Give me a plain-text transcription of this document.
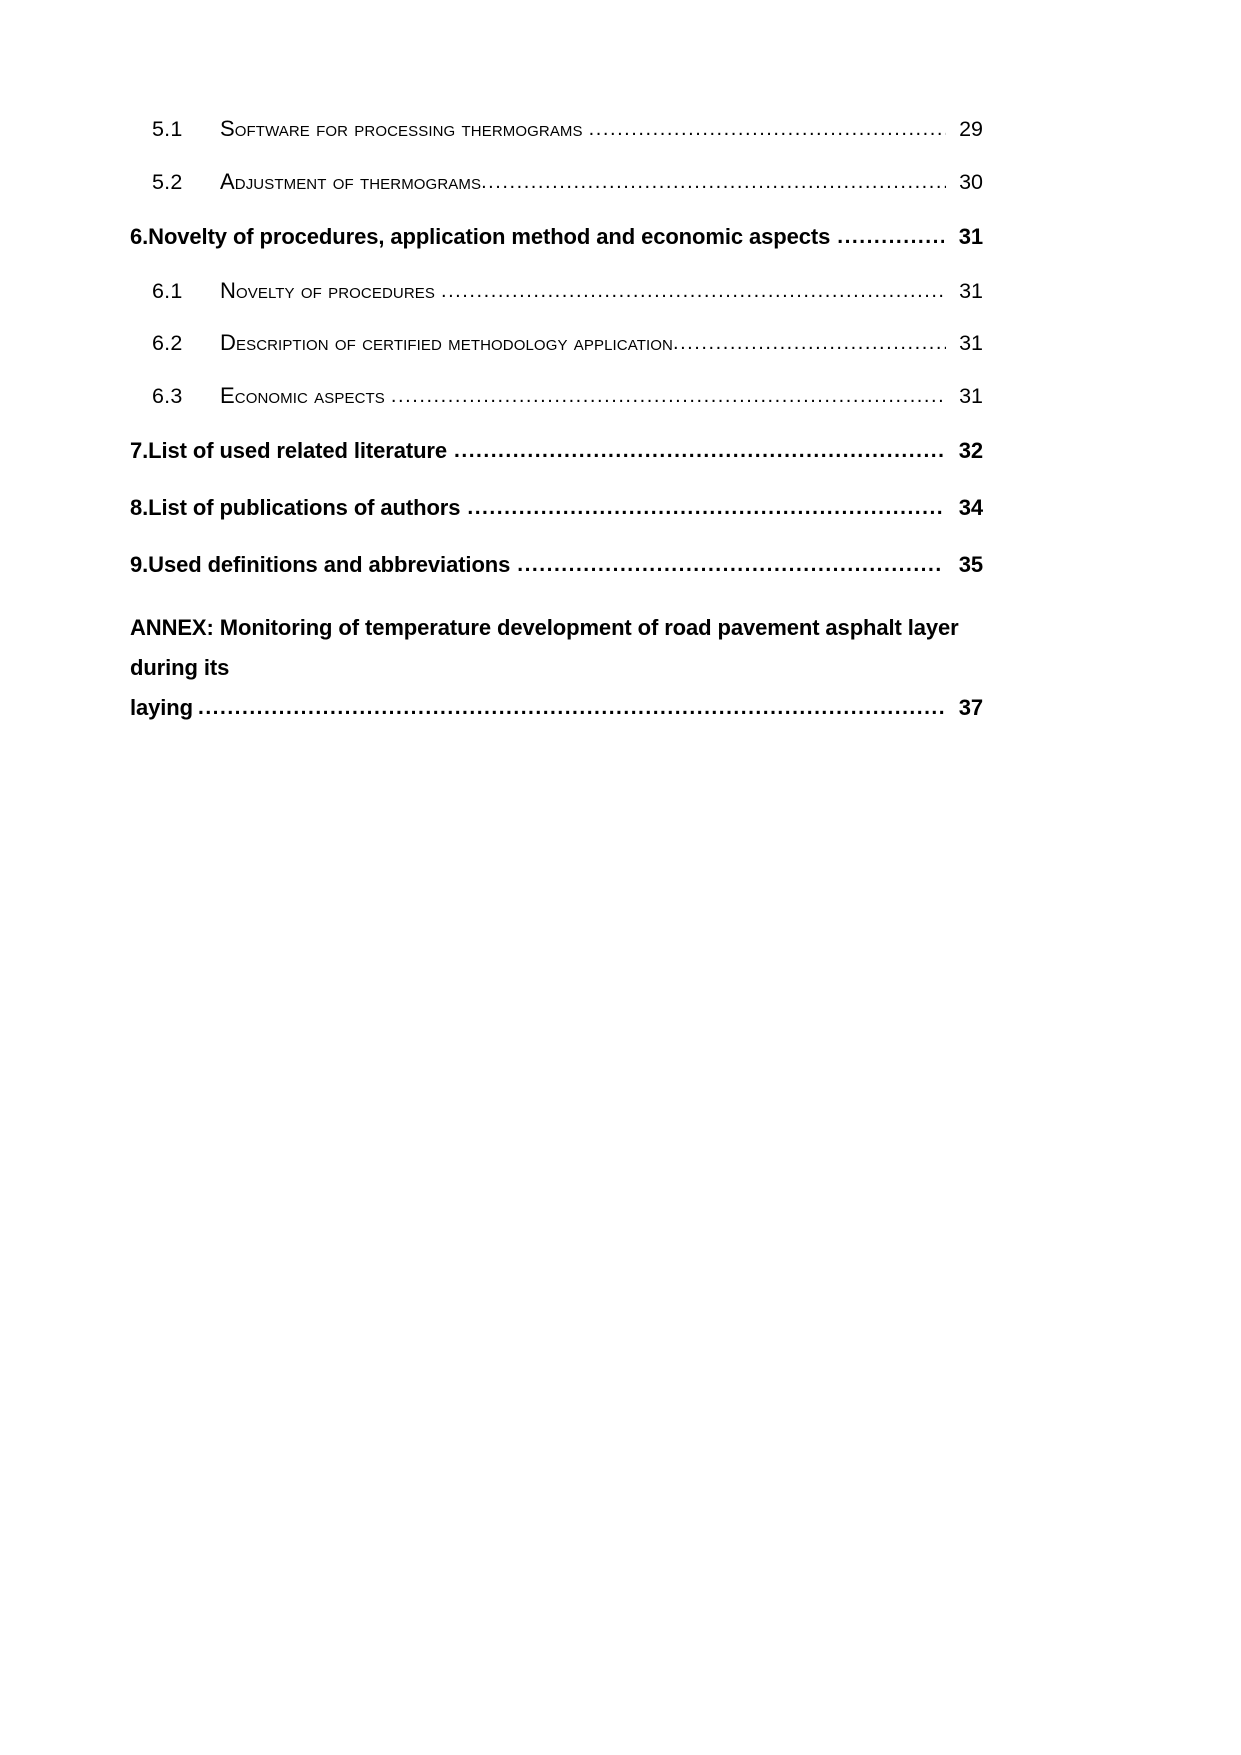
5.1	Software for processing thermograms .....	29
5.2	Adjustment of thermograms .....	30
6. Novelty of procedures, application method and economic aspects .....	31
6.1	Novelty of procedures .....	31
6.2	Description of certified methodology application .....	31
6.3	Economic aspects .....	31
7. List of used related literature .....	32
8. List of publications of authors .....	34
9. Used definitions and abbreviations .....	35
ANNEX: Monitoring of temperature development of road pavement asphalt layer during its
laying .....	37
